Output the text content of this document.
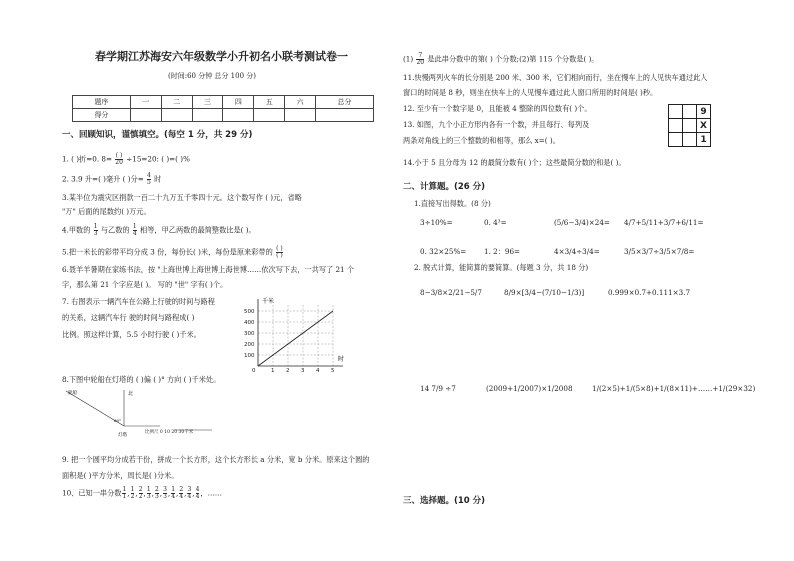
春学期江苏海安六年级数学小升初名小联考测试卷一
(时间:60 分钟 总分 100 分)
题序	一	二	三	四	五	六	总分
得分							
一、回顾知识，谨慎填空。(每空 1 分，共 29 分)
1. ( )折=0. 8= ( )
20 ÷15=20: ( )=( )%
2. 3.9 升=( )毫升 ( )分= $\frac{4}{5}$ 时
3.某半位为震灾区捐款一百二十九万五千零四十元。这个数写作 ( )元，省略
"万" 后面的尾数约( )万元。
4.甲数的 $\frac{1}{3}$ 与乙数的 $\frac{1}{4}$ 相等，甲乙两数的最简整数比是( )。
5.把一米长的彩带平均分成 3 份，每份长( )米，每份是原来彩带的 ( )
( )
6.聂羊羊暑期在家练书法，按 "上海世博上海世博上海世博……依次写下去，一共写了 21 个
字，那么第 21 个字应是( )。 写的 "世" 字有( )个。
7. 右图表示一辆汽车在公路上行驶的时间与路程
的关系，这辆汽车行 驶的时间与路程成( )
比例。照这样计算，5.5 小时行驶 ( )千米。
500
400
300
200
100
0	1 2 3 4 5
千米
时
8.下图中轮船在灯塔的 ( )偏 ( )° 方向 ( )千米处。
北
轮船
灯塔
60°
比例尺 0 10 20 30千米
9. 把一个圆平均分成若干份，拼成一个长方形，这个长方形长 a 分米，宽 b 分米。原来这个圆的
面积是( )平方分米，周长是( )分米。
10、已知一串分数 $\frac{1}{1}$ , $\frac{1}{2}$ , $\frac{2}{2}$ , $\frac{1}{3}$ , $\frac{2}{3}$ , $\frac{3}{3}$ , $\frac{1}{4}$ , $\frac{2}{4}$ , $\frac{3}{4}$ , $\frac{4}{4}$ ，……
$(1) \frac{7}{20}$ 是此串分数中的第( ) 个分数;(2)第 115 个分数是( )。
11.快慢两列火车的长分别是 200 米、300 米，它们相向而行，坐在慢车上的人见快车通过此人
窗口的时间是 8 秒，则坐在快车上的人见慢车通过此人窗口所用的时间是( )秒。
12. 至少有一个数字是 0，且能被 4 整除的四位数有( )个。
13. 如图，九个小正方形内各有一个数，并且每行、每列及
两条对角线上的三个整数的和相等，那么 x=( )。
		9
		X
		1
14.小于 5 且分母为 12 的最简分数有( )个；这些最简分数的和是( )。
二、计算题。(26 分)
1.直接写出得数。(8 分)
3÷10%=	0. 4³=	(5/6−3/4)×24= 4/7+5/11+3/7+6/11=
0. 32×25%= 1. 2：96=	4×3/4÷3/4=	3/5×3/7÷3/5×7/8=
2. 脱式计算，能简算的要简算。(每题 3 分，共 18 分)
8−3/8×2/21−5/7	8/9×[3/4−(7/10−1/3)]	0.999×0.7+0.111×3.7
14 7/9 ÷7	(2009+1/2007)×1/2008	1/(2×5)+1/(5×8)+1/(8×11)+……+1/(29×32)
三、选择题。(10 分)
